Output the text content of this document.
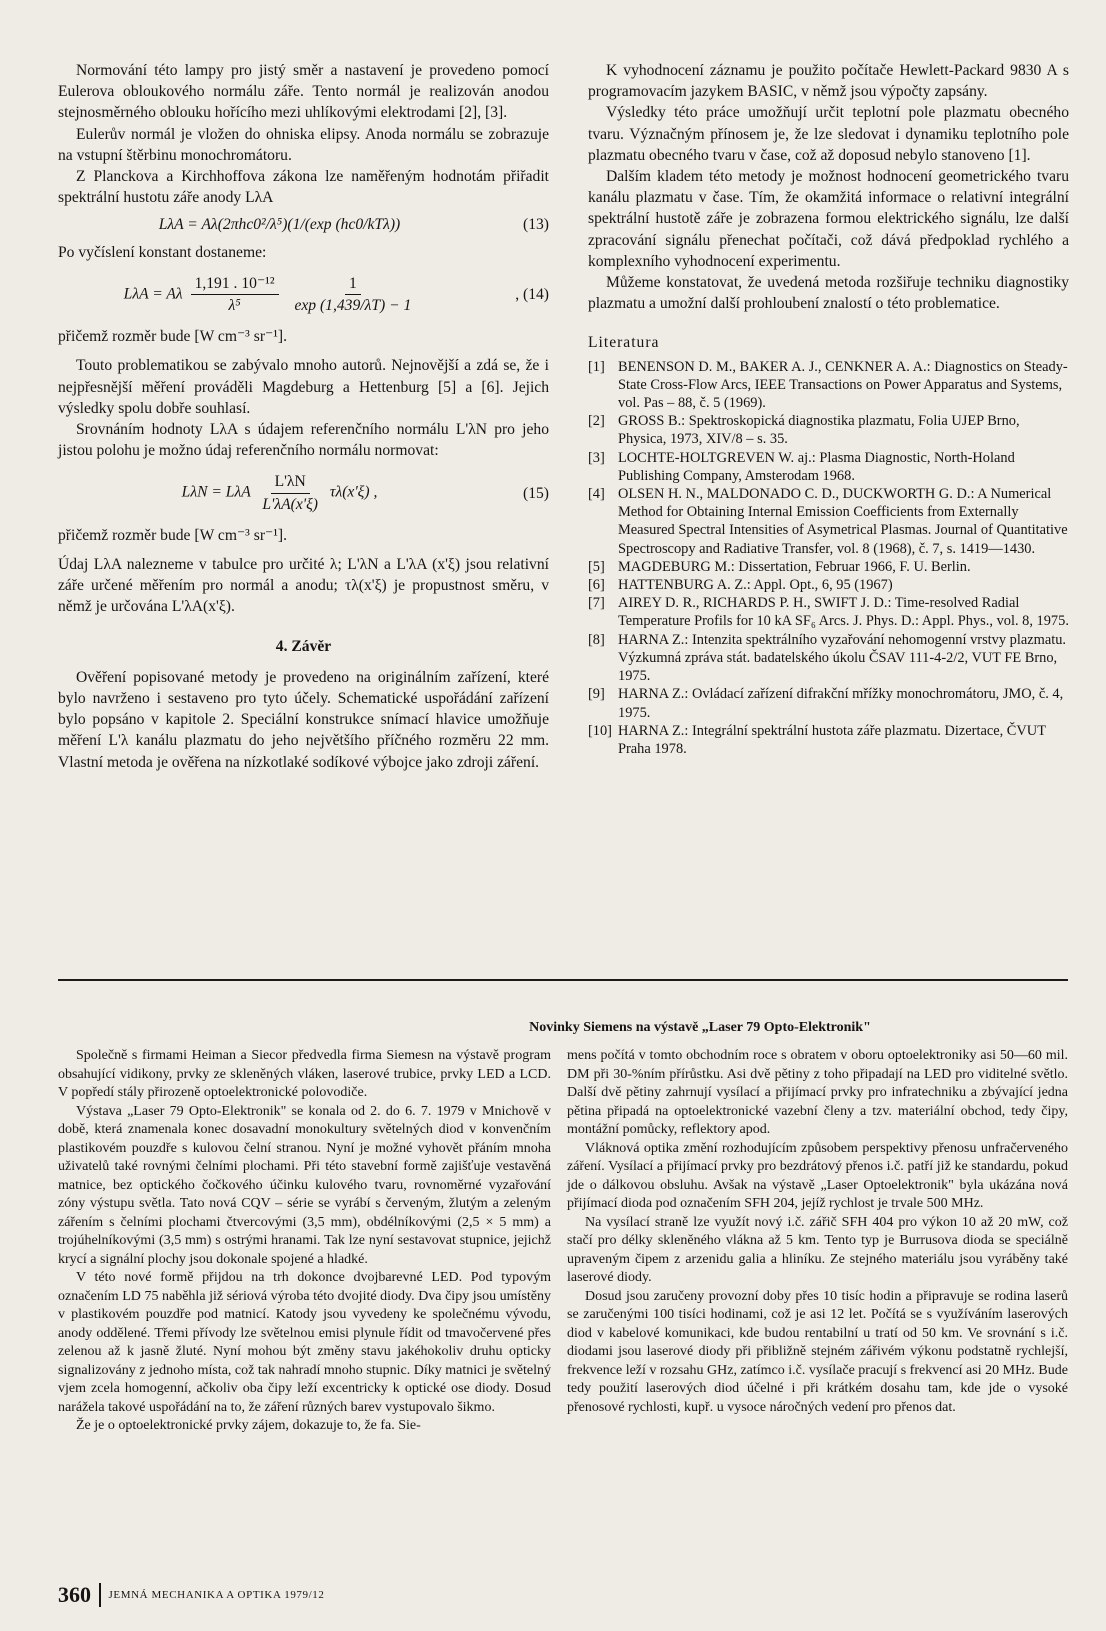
Normování této lampy pro jistý směr a nastavení je provedeno pomocí Eulerova obloukového normálu záře. Tento normál je realizován anodou stejnosměrného oblouku hořícího mezi uhlíkovými elektrodami [2], [3].

Eulerův normál je vložen do ohniska elipsy. Anoda normálu se zobrazuje na vstupní štěrbinu monochromátoru.

Z Planckova a Kirchhoffova zákona lze naměřeným hodnotám přiřadit spektrální hustotu záře anody LλA

LλA = Aλ(2πhc0²/λ⁵)(1/(exp (hc0/kTλ))	(13)

Po vyčíslení konstant dostaneme:

LλA = Aλ $\frac{\text{1,191 . 10⁻¹²}}{\text{λ⁵}}$
$\frac{1}{\exp (1,439/\lambda T) - 1}$	, (14)

přičemž rozměr bude [W cm⁻³ sr⁻¹].

Touto problematikou se zabývalo mnoho autorů. Nejnovější a zdá se, že i nejpřesnější měření prováděli Magdeburg a Hettenburg [5] a [6]. Jejich výsledky spolu dobře souhlasí.

Srovnáním hodnoty LλA s údajem referenčního normálu L'λN pro jeho jistou polohu je možno údaj referenčního normálu normovat:

LλN = LλA $\frac{L'\lambda N}{L'\lambda A(x'\xi)} \tau\lambda(x'\xi)$ ,	(15)

přičemž rozměr bude [W cm⁻³ sr⁻¹].

Údaj LλA nalezneme v tabulce pro určité λ; L'λN a L'λA (x'ξ) jsou relativní záře určené měřením pro normál a anodu; τλ(x'ξ) je propustnost směru, v němž je určována L'λA(x'ξ).

4. Závěr

Ověření popisované metody je provedeno na originálním zařízení, které bylo navrženo i sestaveno pro tyto účely. Schematické uspořádání zařízení bylo popsáno v kapitole 2. Speciální konstrukce snímací hlavice umožňuje měření L'λ kanálu plazmatu do jeho největšího příčného rozměru 22 mm. Vlastní metoda je ověřena na nízkotlaké sodíkové výbojce jako zdroji záření.

K vyhodnocení záznamu je použito počítače Hewlett-Packard 9830 A s programovacím jazykem BASIC, v němž jsou výpočty zapsány.

Výsledky této práce umožňují určit teplotní pole plazmatu obecného tvaru. Význačným přínosem je, že lze sledovat i dynamiku teplotního pole plazmatu obecného tvaru v čase, což až doposud nebylo stanoveno [1].

Dalším kladem této metody je možnost hodnocení geometrického tvaru kanálu plazmatu v čase. Tím, že okamžitá informace o relativní integrální spektrální hustotě záře je zobrazena formou elektrického signálu, lze další zpracování signálu přenechat počítači, což dává předpoklad rychlého a komplexního vyhodnocení experimentu.

Můžeme konstatovat, že uvedená metoda rozšiřuje techniku diagnostiky plazmatu a umožní další prohloubení znalostí o této problematice.

Literatura
[1] BENENSON D. M., BAKER A. J., CENKNER A. A.: Diagnostics on Steady-State Cross-Flow Arcs, IEEE Transactions on Power Apparatus and Systems, vol. Pas – 88, č. 5 (1969).
[2] GROSS B.: Spektroskopická diagnostika plazmatu, Folia UJEP Brno, Physica, 1973, XIV/8 – s. 35.
[3] LOCHTE-HOLTGREVEN W. aj.: Plasma Diagnostic, North-Holand Publishing Company, Amsterodam 1968.
[4] OLSEN H. N., MALDONADO C. D., DUCKWORTH G. D.: A Numerical Method for Obtaining Internal Emission Coefficients from Externally Measured Spectral Intensities of Asymetrical Plasmas. Journal of Quantitative Spectroscopy and Radiative Transfer, vol. 8 (1968), č. 7, s. 1419—1430.
[5] MAGDEBURG M.: Dissertation, Februar 1966, F. U. Berlin.
[6] HATTENBURG A. Z.: Appl. Opt., 6, 95 (1967)
[7] AIREY D. R., RICHARDS P. H., SWIFT J. D.: Time-resolved Radial Temperature Profils for 10 kA SF₆ Arcs. J. Phys. D.: Appl. Phys., vol. 8, 1975.
[8] HARNA Z.: Intenzita spektrálního vyzařování nehomogenní vrstvy plazmatu. Výzkumná zpráva stát. badatelského úkolu ČSAV 111-4-2/2, VUT FE Brno, 1975.
[9] HARNA Z.: Ovládací zařízení difrakční mřížky monochromátoru, JMO, č. 4, 1975.
[10] HARNA Z.: Integrální spektrální hustota záře plazmatu. Dizertace, ČVUT Praha 1978.
Novinky Siemens na výstavě „Laser 79 Opto-Elektronik"

Společně s firmami Heiman a Siecor předvedla firma Siemesn na výstavě program obsahující vidikony, prvky ze skleněných vláken, laserové trubice, prvky LED a LCD. V popředí stály přirozeně optoelektronické polovodiče.

Výstava „Laser 79 Opto-Elektronik" se konala od 2. do 6. 7. 1979 v Mnichově v době, která znamenala konec dosavadní monokultury světelných diod v konvenčním plastikovém pouzdře s kulovou čelní stranou. Nyní je možné vyhovět přáním mnoha uživatelů také rovnými čelními plochami. Při této stavební formě zajišťuje vestavěná matnice, bez optického čočkového účinku kulového tvaru, rovnoměrné vyzařování zóny výstupu světla. Tato nová CQV – série se vyrábí s červeným, žlutým a zeleným zářením s čelními plochami čtvercovými (3,5 mm), obdélníkovými (2,5 × 5 mm) a trojúhelníkovými (3,5 mm) s ostrými hranami. Tak lze nyní sestavovat stupnice, jejichž krycí a signální plochy jsou dokonale spojené a hladké.

V této nové formě přijdou na trh dokonce dvojbarevné LED. Pod typovým označením LD 75 naběhla již sériová výroba této dvojité diody. Dva čipy jsou umístěny v plastikovém pouzdře pod matnicí. Katody jsou vyvedeny ke společnému vývodu, anody oddělené. Třemi přívody lze světelnou emisi plynule řídit od tmavočervené přes zelenou až k jasně žluté. Nyní mohou být změny stavu jakéhokoliv druhu opticky signalizovány z jednoho místa, což tak nahradí mnoho stupnic. Díky matnici je světelný vjem zcela homogenní, ačkoliv oba čipy leží excentricky k optické ose diody. Dosud narážela takové uspořádání na to, že záření různých barev vystupovalo šikmo.

Že je o optoelektronické prvky zájem, dokazuje to, že fa. Sie-

mens počítá v tomto obchodním roce s obratem v oboru optoelektroniky asi 50—60 mil. DM při 30-%ním přírůstku. Asi dvě pětiny z toho připadají na LED pro viditelné světlo. Další dvě pětiny zahrnují vysílací a přijímací prvky pro infratechniku a zbývající jedna pětina připadá na optoelektronické vazební členy a tzv. materiální obchod, tedy čipy, montážní pomůcky, reflektory apod.

Vláknová optika změní rozhodujícím způsobem perspektivy přenosu unfračerveného záření. Vysílací a přijímací prvky pro bezdrátový přenos i.č. patří již ke standardu, pokud jde o dálkovou obsluhu. Avšak na výstavě „Laser Optoelektronik" byla ukázána nová přijímací dioda pod označením SFH 204, jejíž rychlost je trvale 500 MHz.

Na vysílací straně lze využít nový i.č. zářič SFH 404 pro výkon 10 až 20 mW, což stačí pro délky skleněného vlákna až 5 km. Tento typ je Burrusova dioda se speciálně upraveným čipem z arzenidu galia a hliníku. Ze stejného materiálu jsou vyráběny také laserové diody.

Dosud jsou zaručeny provozní doby přes 10 tisíc hodin a připravuje se rodina laserů se zaručenými 100 tisíci hodinami, což je asi 12 let. Počítá se s využíváním laserových diod v kabelové komunikaci, kde budou rentabilní u tratí od 50 km. Ve srovnání s i.č. diodami jsou laserové diody při přibližně stejném zářivém výkonu podstatně rychlejší, frekvence leží v rozsahu GHz, zatímco i.č. vysílače pracují s frekvencí asi 20 MHz. Bude tedy použití laserových diod účelné i při krátkém dosahu tam, kde jde o vysoké přenosové rychlosti, kupř. u vysoce náročných vedení pro přenos dat.

360 JEMNÁ MECHANIKA A OPTIKA 1979/12
